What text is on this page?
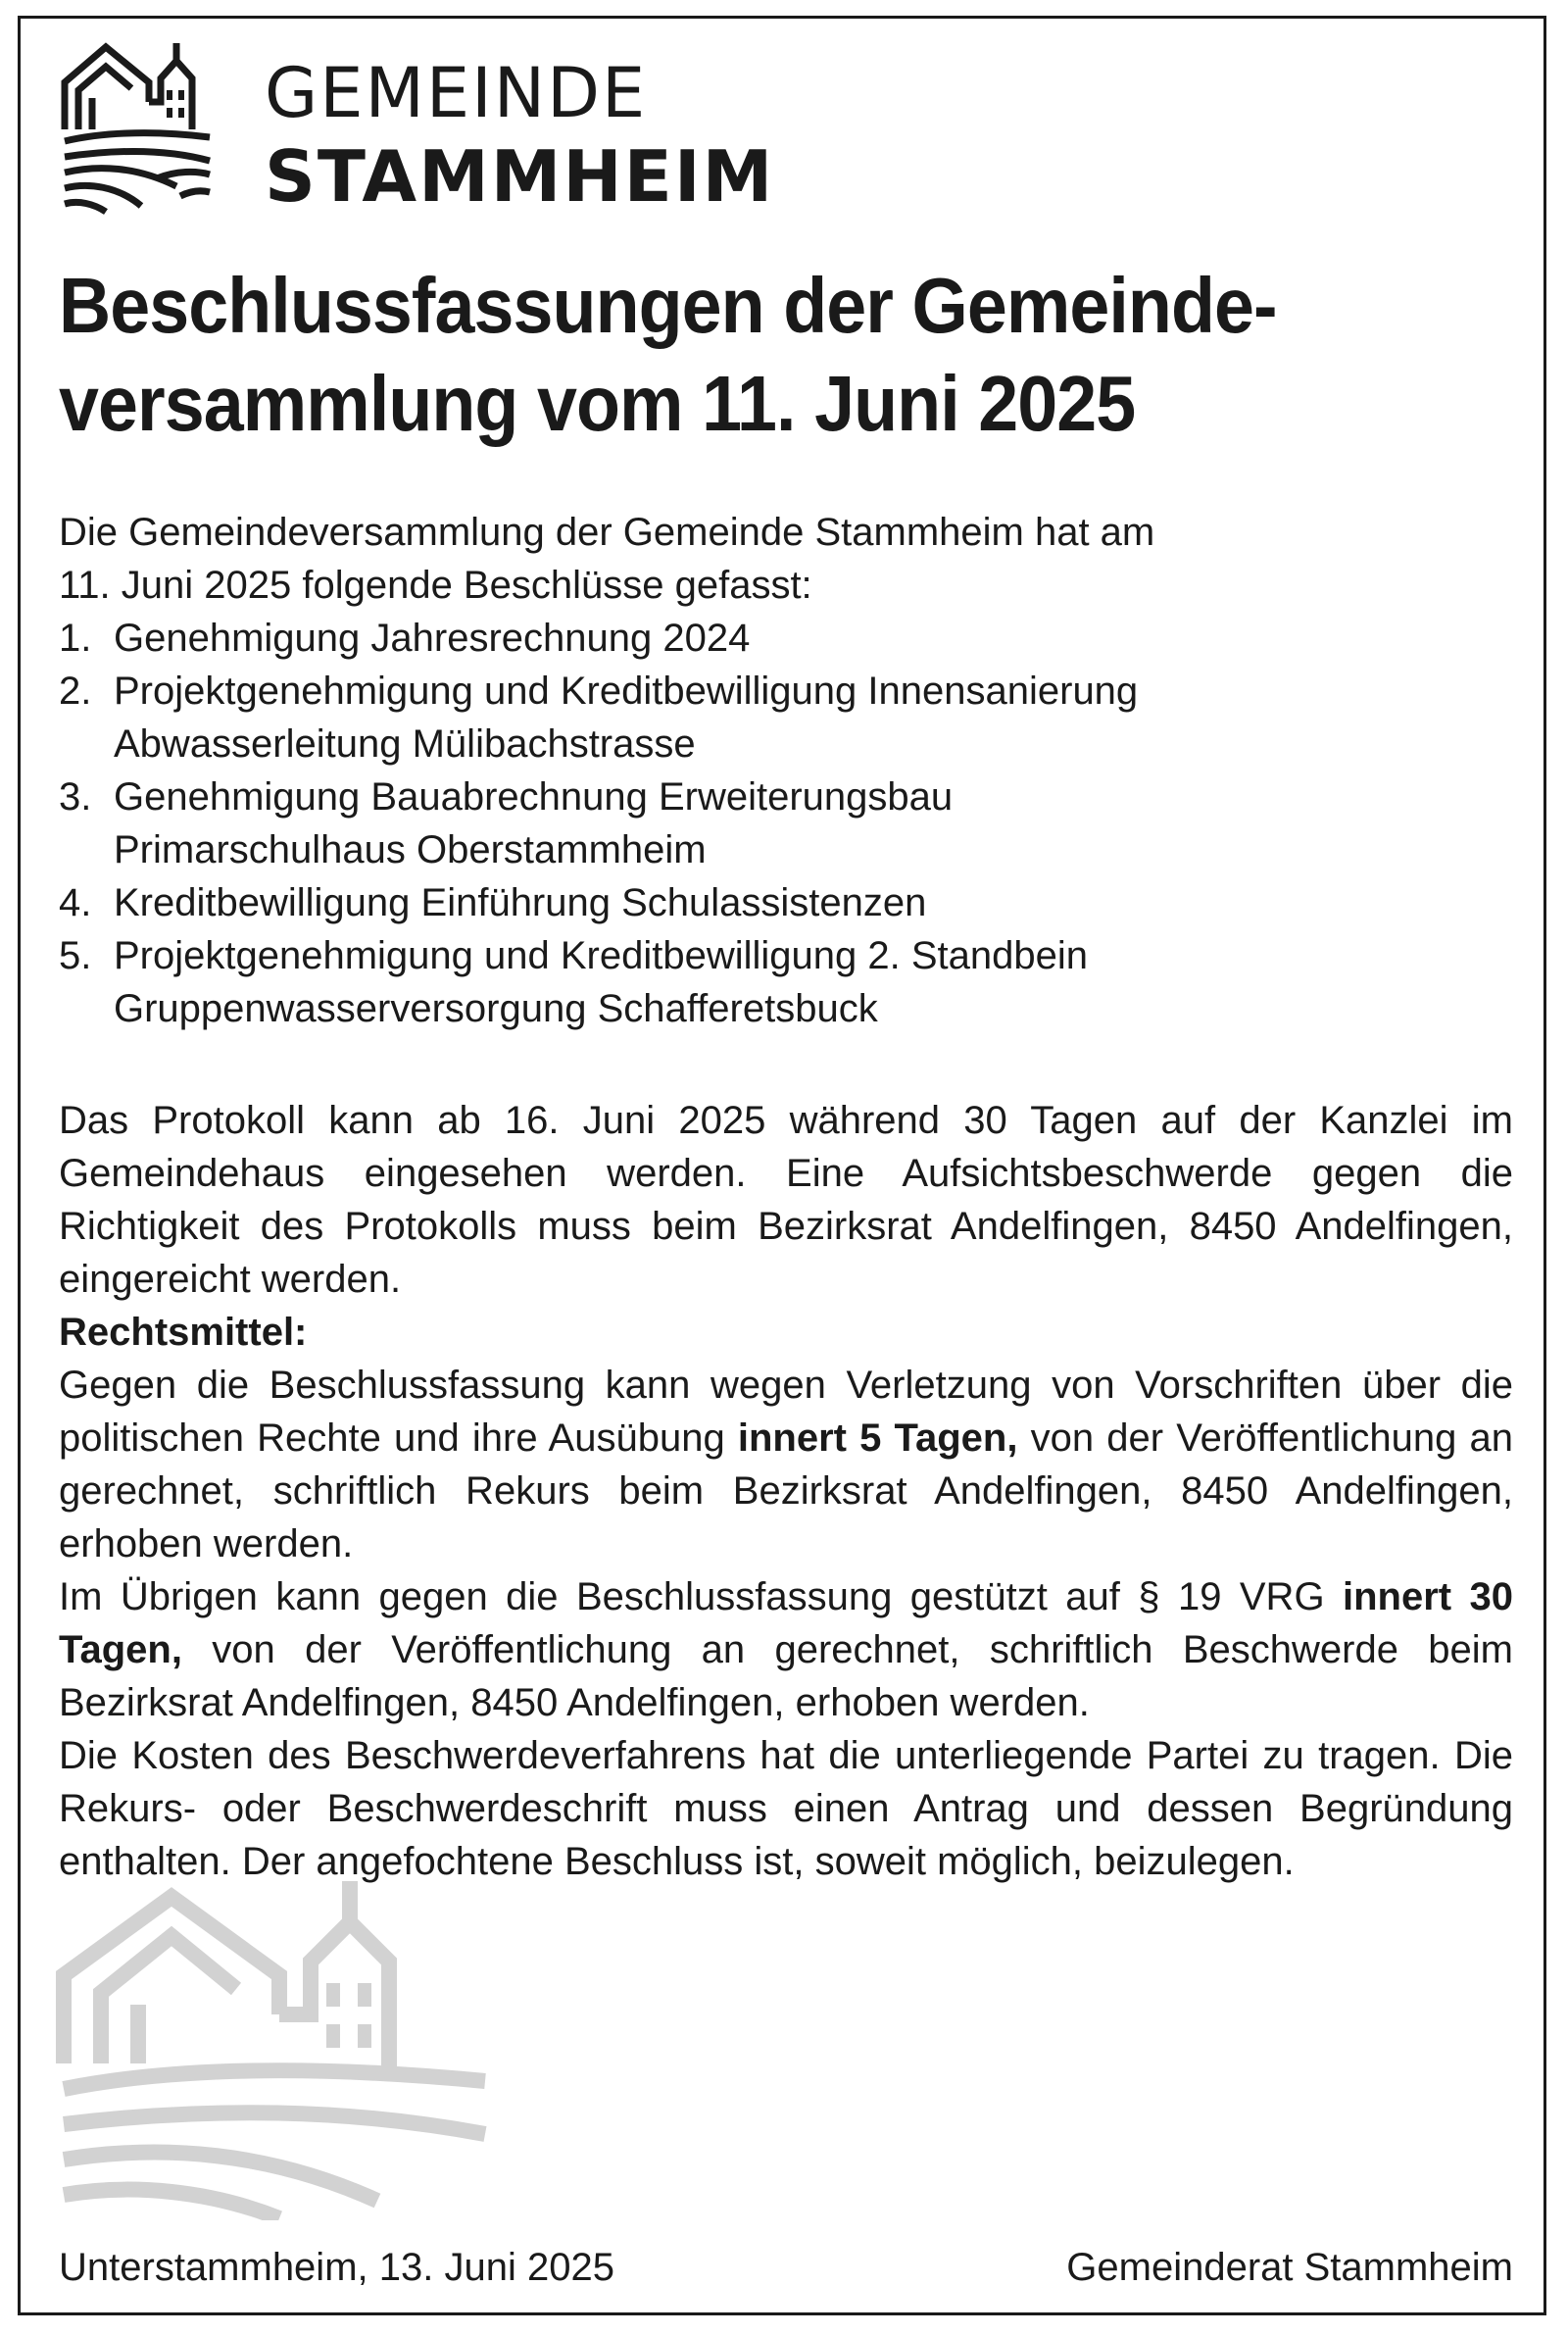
GEMEINDE
STAMMHEIM
Beschlussfassungen der Gemeinde-
versammlung vom 11. Juni 2025

Die Gemeindeversammlung der Gemeinde Stammheim hat am
11. Juni 2025 folgende Beschlüsse gefasst:

1. Genehmigung Jahresrechnung 2024
2. Projektgenehmigung und Kreditbewilligung Innensanierung
Abwasserleitung Mülibachstrasse
3. Genehmigung Bauabrechnung Erweiterungsbau
Primarschulhaus Oberstammheim
4. Kreditbewilligung Einführung Schulassistenzen
5. Projektgenehmigung und Kreditbewilligung 2. Standbein
Gruppenwasserversorgung Schafferetsbuck

Das Protokoll kann ab 16. Juni 2025 während 30 Tagen auf der Kanzlei im Gemeindehaus eingesehen werden. Eine Aufsichtsbeschwerde gegen die Richtigkeit des Protokolls muss beim Bezirksrat Andelfingen, 8450 Andelfingen, eingereicht werden.

Rechtsmittel:

Gegen die Beschlussfassung kann wegen Verletzung von Vorschriften über die politischen Rechte und ihre Ausübung innert 5 Tagen, von der Veröffentlichung an gerechnet, schriftlich Rekurs beim Bezirksrat Andelfingen, 8450 Andelfingen, erhoben werden.

Im Übrigen kann gegen die Beschlussfassung gestützt auf § 19 VRG innert 30 Tagen, von der Veröffentlichung an gerechnet, schriftlich Beschwerde beim Bezirksrat Andelfingen, 8450 Andelfingen, erhoben werden.

Die Kosten des Beschwerdeverfahrens hat die unterliegende Partei zu tragen. Die Rekurs- oder Beschwerdeschrift muss einen Antrag und dessen Begründung enthalten. Der angefochtene Beschluss ist, soweit möglich, beizulegen.

Unterstammheim, 13. Juni 2025	Gemeinderat Stammheim
